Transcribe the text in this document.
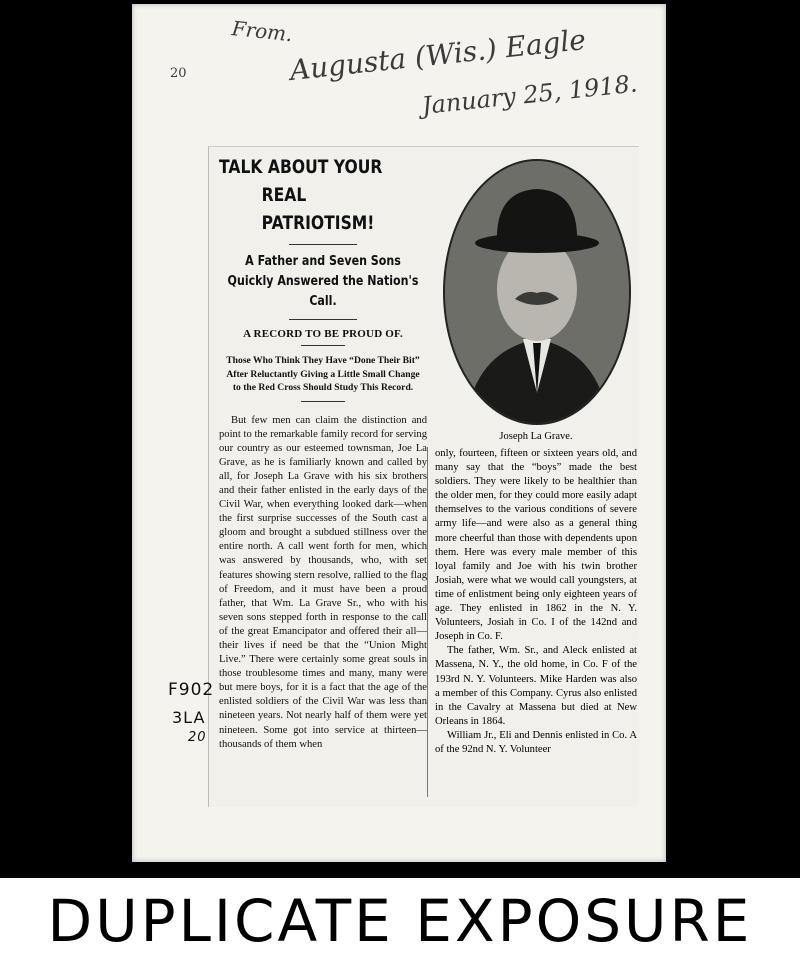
From.
20	Augusta (Wis.) Eagle
January 25, 1918.
TALK ABOUT YOUR
REAL PATRIOTISM!
A Father and Seven Sons Quickly Answered the Nation's Call.
A RECORD TO BE PROUD OF.
Those Who Think They Have “Done Their Bit” After Reluctantly Giving a Little Small Change to the Red Cross Should Study This Record.

But few men can claim the distinction and point to the remarkable family record for serving our country as our esteemed townsman, Joe La Grave, as he is familiarly known and called by all, for Joseph La Grave with his six brothers and their father enlisted in the early days of the Civil War, when everything looked dark—when the first surprise successes of the South cast a gloom and brought a subdued stillness over the entire north. A call went forth for men, which was answered by thousands, who, with set features showing stern resolve, rallied to the flag of Freedom, and it must have been a proud father, that Wm. La Grave Sr., who with his seven sons stepped forth in response to the call of the great Emancipator and offered their all—their lives if need be that the “Union Might Live.” There were certainly some great souls in those troublesome times and many, many were but mere boys, for it is a fact that the age of the enlisted soldiers of the Civil War was less than nineteen years. Not nearly half of them were yet nineteen. Some got into service at thirteen—thousands of them when

Joseph La Grave.

only, fourteen, fifteen or sixteen years old, and many say that the “boys” made the best soldiers. They were likely to be healthier than the older men, for they could more easily adapt themselves to the various conditions of severe army life—and were also as a general thing more cheerful than those with dependents upon them. Here was every male member of this loyal family and Joe with his twin brother Josiah, were what we would call youngsters, at time of enlistment being only eighteen years of age. They enlisted in 1862 in the N. Y. Volunteers, Josiah in Co. I of the 142nd and Joseph in Co. F.

The father, Wm. Sr., and Aleck enlisted at Massena, N. Y., the old home, in Co. F of the 193rd N. Y. Volunteers. Mike Harden was also a member of this Company. Cyrus also enlisted in the Cavalry at Massena but died at New Orleans in 1864.

William Jr., Eli and Dennis enlisted in Co. A of the 92nd N. Y. Volunteer

F902
3LA
20
DUPLICATE EXPOSURE
